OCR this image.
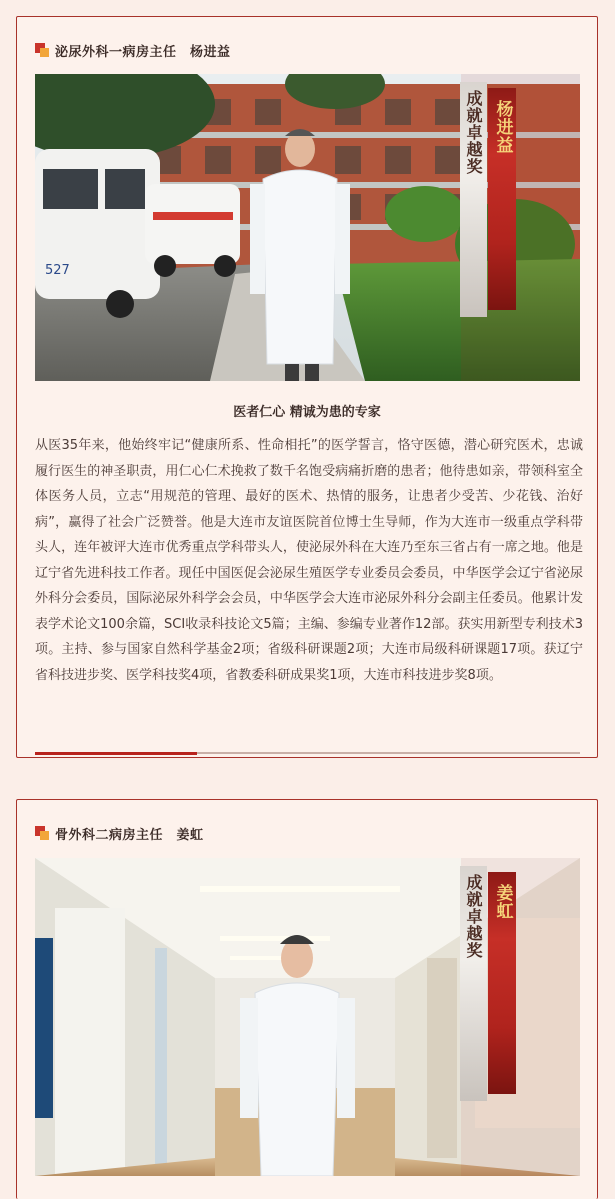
泌尿外科一病房主任　杨进益
527
成就卓越奖 杨进益
医者仁心 精诚为患的专家

从医35年来，他始终牢记“健康所系、性命相托”的医学誓言，恪守医德，潜心研究医术，忠诚履行医生的神圣职责，用仁心仁术挽救了数千名饱受病痛折磨的患者；他待患如亲，带领科室全体医务人员，立志“用规范的管理、最好的医术、热情的服务，让患者少受苦、少花钱、治好病”，赢得了社会广泛赞誉。他是大连市友谊医院首位博士生导师，作为大连市一级重点学科带头人，连年被评大连市优秀重点学科带头人，使泌尿外科在大连乃至东三省占有一席之地。他是辽宁省先进科技工作者。现任中国医促会泌尿生殖医学专业委员会委员，中华医学会辽宁省泌尿外科分会委员，国际泌尿外科学会会员，中华医学会大连市泌尿外科分会副主任委员。他累计发表学术论文100余篇，SCI收录科技论文5篇；主编、参编专业著作12部。获实用新型专利技术3项。主持、参与国家自然科学基金2项；省级科研课题2项；大连市局级科研课题17项。获辽宁省科技进步奖、医学科技奖4项，省教委科研成果奖1项，大连市科技进步奖8项。

骨外科二病房主任　姜虹
成就卓越奖 姜虹
